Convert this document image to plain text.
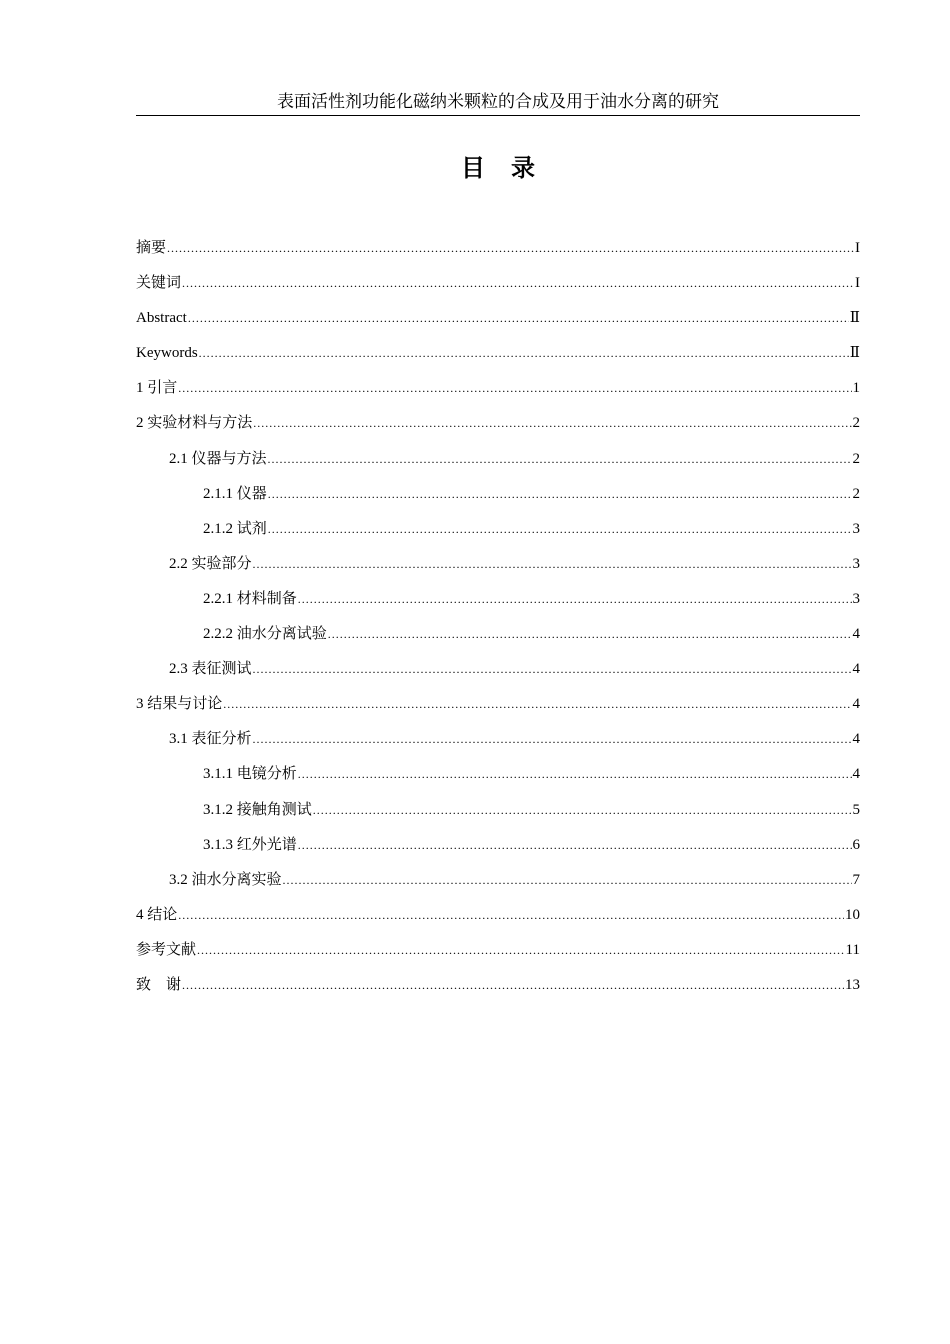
表面活性剂功能化磁纳米颗粒的合成及用于油水分离的研究
目录
摘要 .....	I
关键词 .....	I
Abstract .....	Ⅱ
Keywords .....	Ⅱ
1 引言 .....	1
2 实验材料与方法 .....	2
2.1 仪器与方法 .....	2
2.1.1 仪器 .....	2
2.1.2 试剂 .....	3
2.2 实验部分 .....	3
2.2.1 材料制备 .....	3
2.2.2 油水分离试验 .....	4
2.3 表征测试 .....	4
3 结果与讨论 .....	4
3.1 表征分析 .....	4
3.1.1 电镜分析 .....	4
3.1.2 接触角测试 .....	5
3.1.3 红外光谱 .....	6
3.2 油水分离实验 .....	7
4 结论 .....	10
参考文献 .....	11
致　谢 .....	13
